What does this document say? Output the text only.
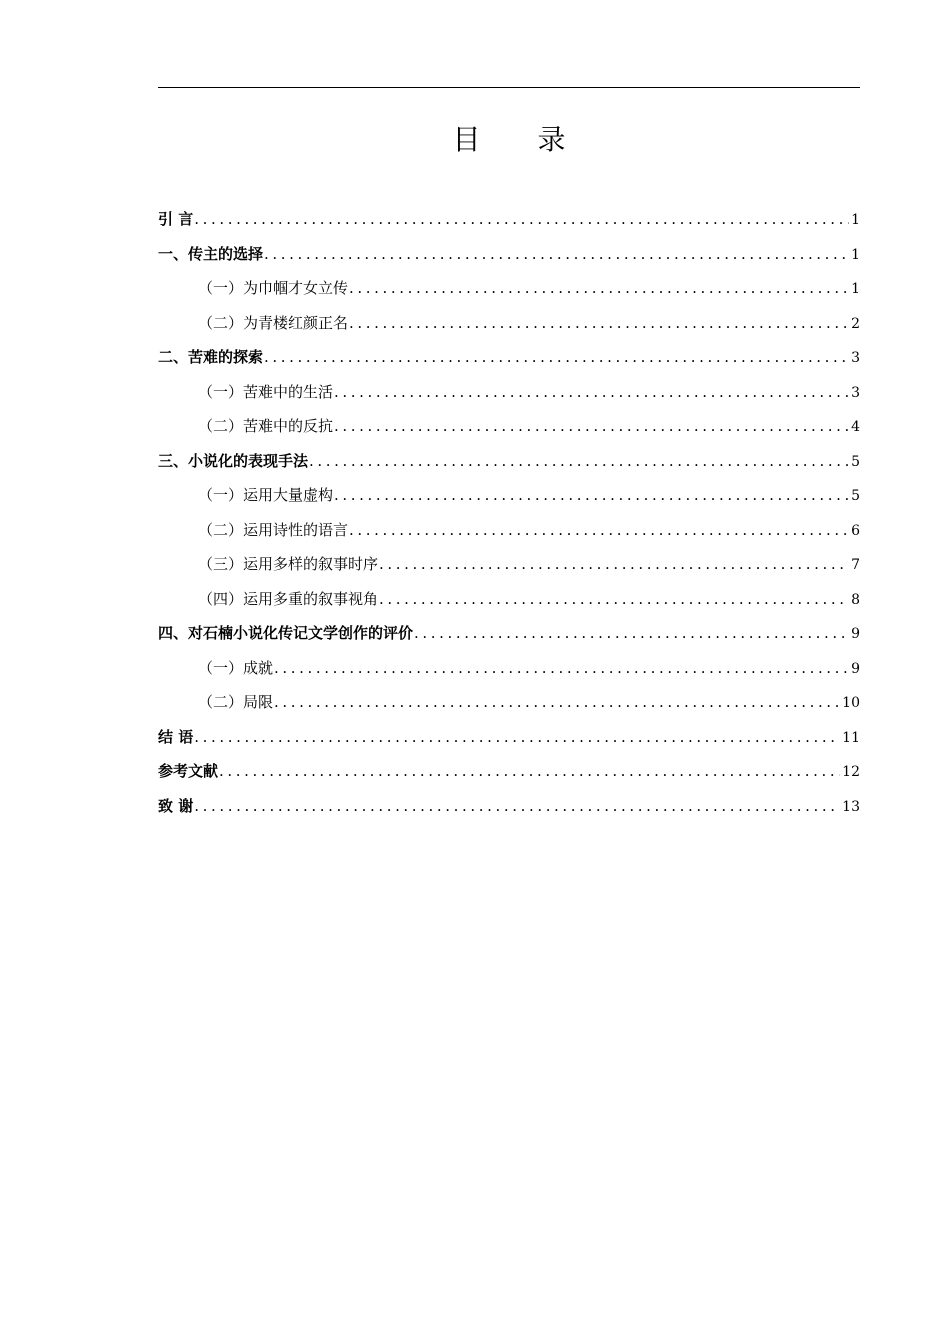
目 录
引 言 .....	1
一、传主的选择 .....	1
（一）为巾帼才女立传 .....	1
（二）为青楼红颜正名 .....	2
二、苦难的探索 .....	3
（一）苦难中的生活 .....	3
（二）苦难中的反抗 .....	4
三、小说化的表现手法 .....	5
（一）运用大量虚构 .....	5
（二）运用诗性的语言 .....	6
（三）运用多样的叙事时序 .....	7
（四）运用多重的叙事视角 .....	8
四、对石楠小说化传记文学创作的评价 .....	9
（一）成就 .....	9
（二）局限 .....	10
结 语 .....	11
参考文献 .....	12
致 谢 .....	13
